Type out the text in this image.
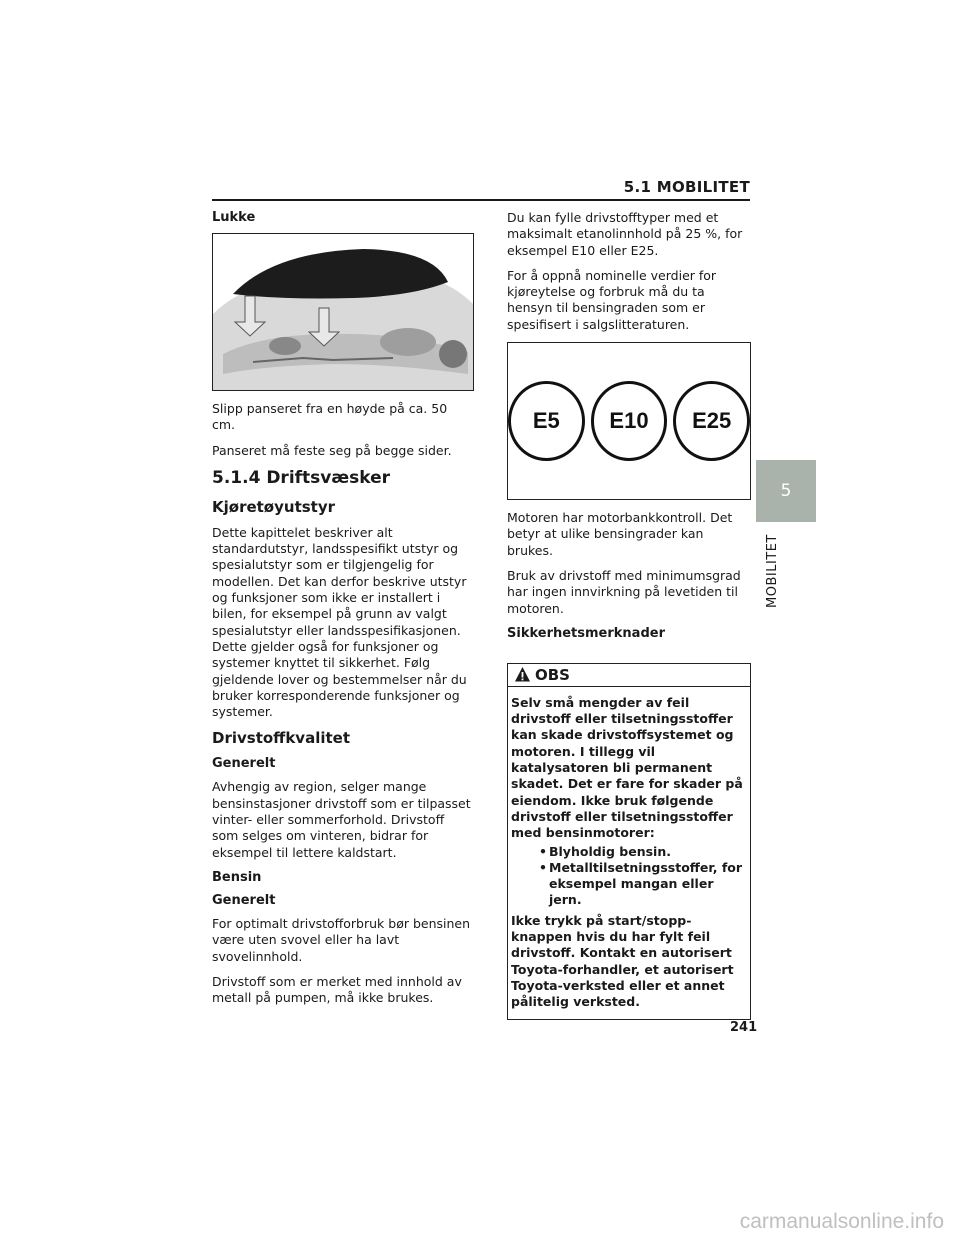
5.1 MOBILITET
5
MOBILITET
Lukke

Slipp panseret fra en høyde på ca. 50 cm.

Panseret må feste seg på begge sider.

5.1.4 Driftsvæsker
Kjøretøyutstyr

Dette kapittelet beskriver alt standardutstyr, landsspesifikt utstyr og spesialutstyr som er tilgjengelig for modellen. Det kan derfor beskrive utstyr og funksjoner som ikke er installert i bilen, for eksempel på grunn av valgt spesialutstyr eller landsspesifikasjonen. Dette gjelder også for funksjoner og systemer knyttet til sikkerhet. Følg gjeldende lover og bestemmelser når du bruker korresponderende funksjoner og systemer.

Drivstoffkvalitet
Generelt

Avhengig av region, selger mange bensinstasjoner drivstoff som er tilpasset vinter- eller sommerforhold. Drivstoff som selges om vinteren, bidrar for eksempel til lettere kaldstart.

Bensin
Generelt

For optimalt drivstofforbruk bør bensinen være uten svovel eller ha lavt svovelinnhold.

Drivstoff som er merket med innhold av metall på pumpen, må ikke brukes.

Du kan fylle drivstofftyper med et maksimalt etanolinnhold på 25 %, for eksempel E10 eller E25.

For å oppnå nominelle verdier for kjøreytelse og forbruk må du ta hensyn til bensingraden som er spesifisert i salgslitteraturen.

E5	E10	E25

Motoren har motorbankkontroll. Det betyr at ulike bensingrader kan brukes.

Bruk av drivstoff med minimumsgrad har ingen innvirkning på levetiden til motoren.

Sikkerhetsmerknader
OBS

Selv små mengder av feil drivstoff eller tilsetningsstoffer kan skade drivstoffsystemet og motoren. I tillegg vil katalysatoren bli permanent skadet. Det er fare for skader på eiendom. Ikke bruk følgende drivstoff eller tilsetningsstoffer med bensinmotorer:

• Blyholdig bensin.
• Metalltilsetningsstoffer, for eksempel mangan eller jern.

Ikke trykk på start/stopp-knappen hvis du har fylt feil drivstoff. Kontakt en autorisert Toyota-forhandler, et autorisert Toyota-verksted eller et annet pålitelig verksted.

241
carmanualsonline.info
